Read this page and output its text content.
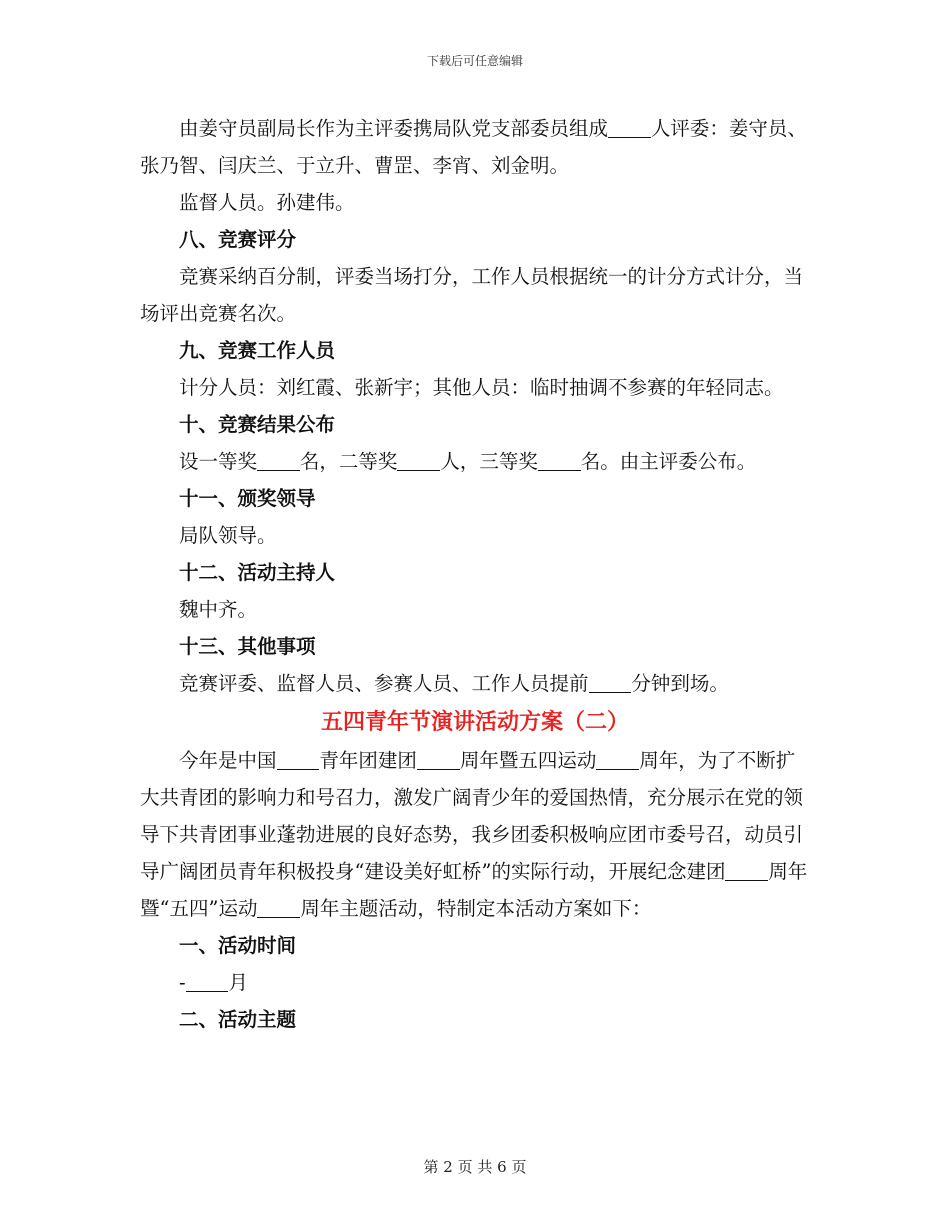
下载后可任意编辑

由姜守员副局长作为主评委携局队党支部委员组成 人评委：姜守员、张乃智、闫庆兰、于立升、曹罡、李宵、刘金明。

监督人员。孙建伟。

八、竞赛评分

竞赛采纳百分制，评委当场打分，工作人员根据统一的计分方式计分，当场评出竞赛名次。

九、竞赛工作人员

计分人员：刘红霞、张新宇；其他人员：临时抽调不参赛的年轻同志。

十、竞赛结果公布

设一等奖 名，二等奖 人，三等奖 名。由主评委公布。

十一、颁奖领导

局队领导。

十二、活动主持人

魏中齐。

十三、其他事项

竞赛评委、监督人员、参赛人员、工作人员提前 分钟到场。

五四青年节演讲活动方案（二）

今年是中国 青年团建团 周年暨五四运动 周年，为了不断扩大共青团的影响力和号召力，激发广阔青少年的爱国热情，充分展示在党的领导下共青团事业蓬勃进展的良好态势，我乡团委积极响应团市委号召，动员引导广阔团员青年积极投身“建设美好虹桥”的实际行动，开展纪念建团 周年暨“五四”运动 周年主题活动，特制定本活动方案如下：

一、活动时间

- 月

二、活动主题

第 2 页 共 6 页
